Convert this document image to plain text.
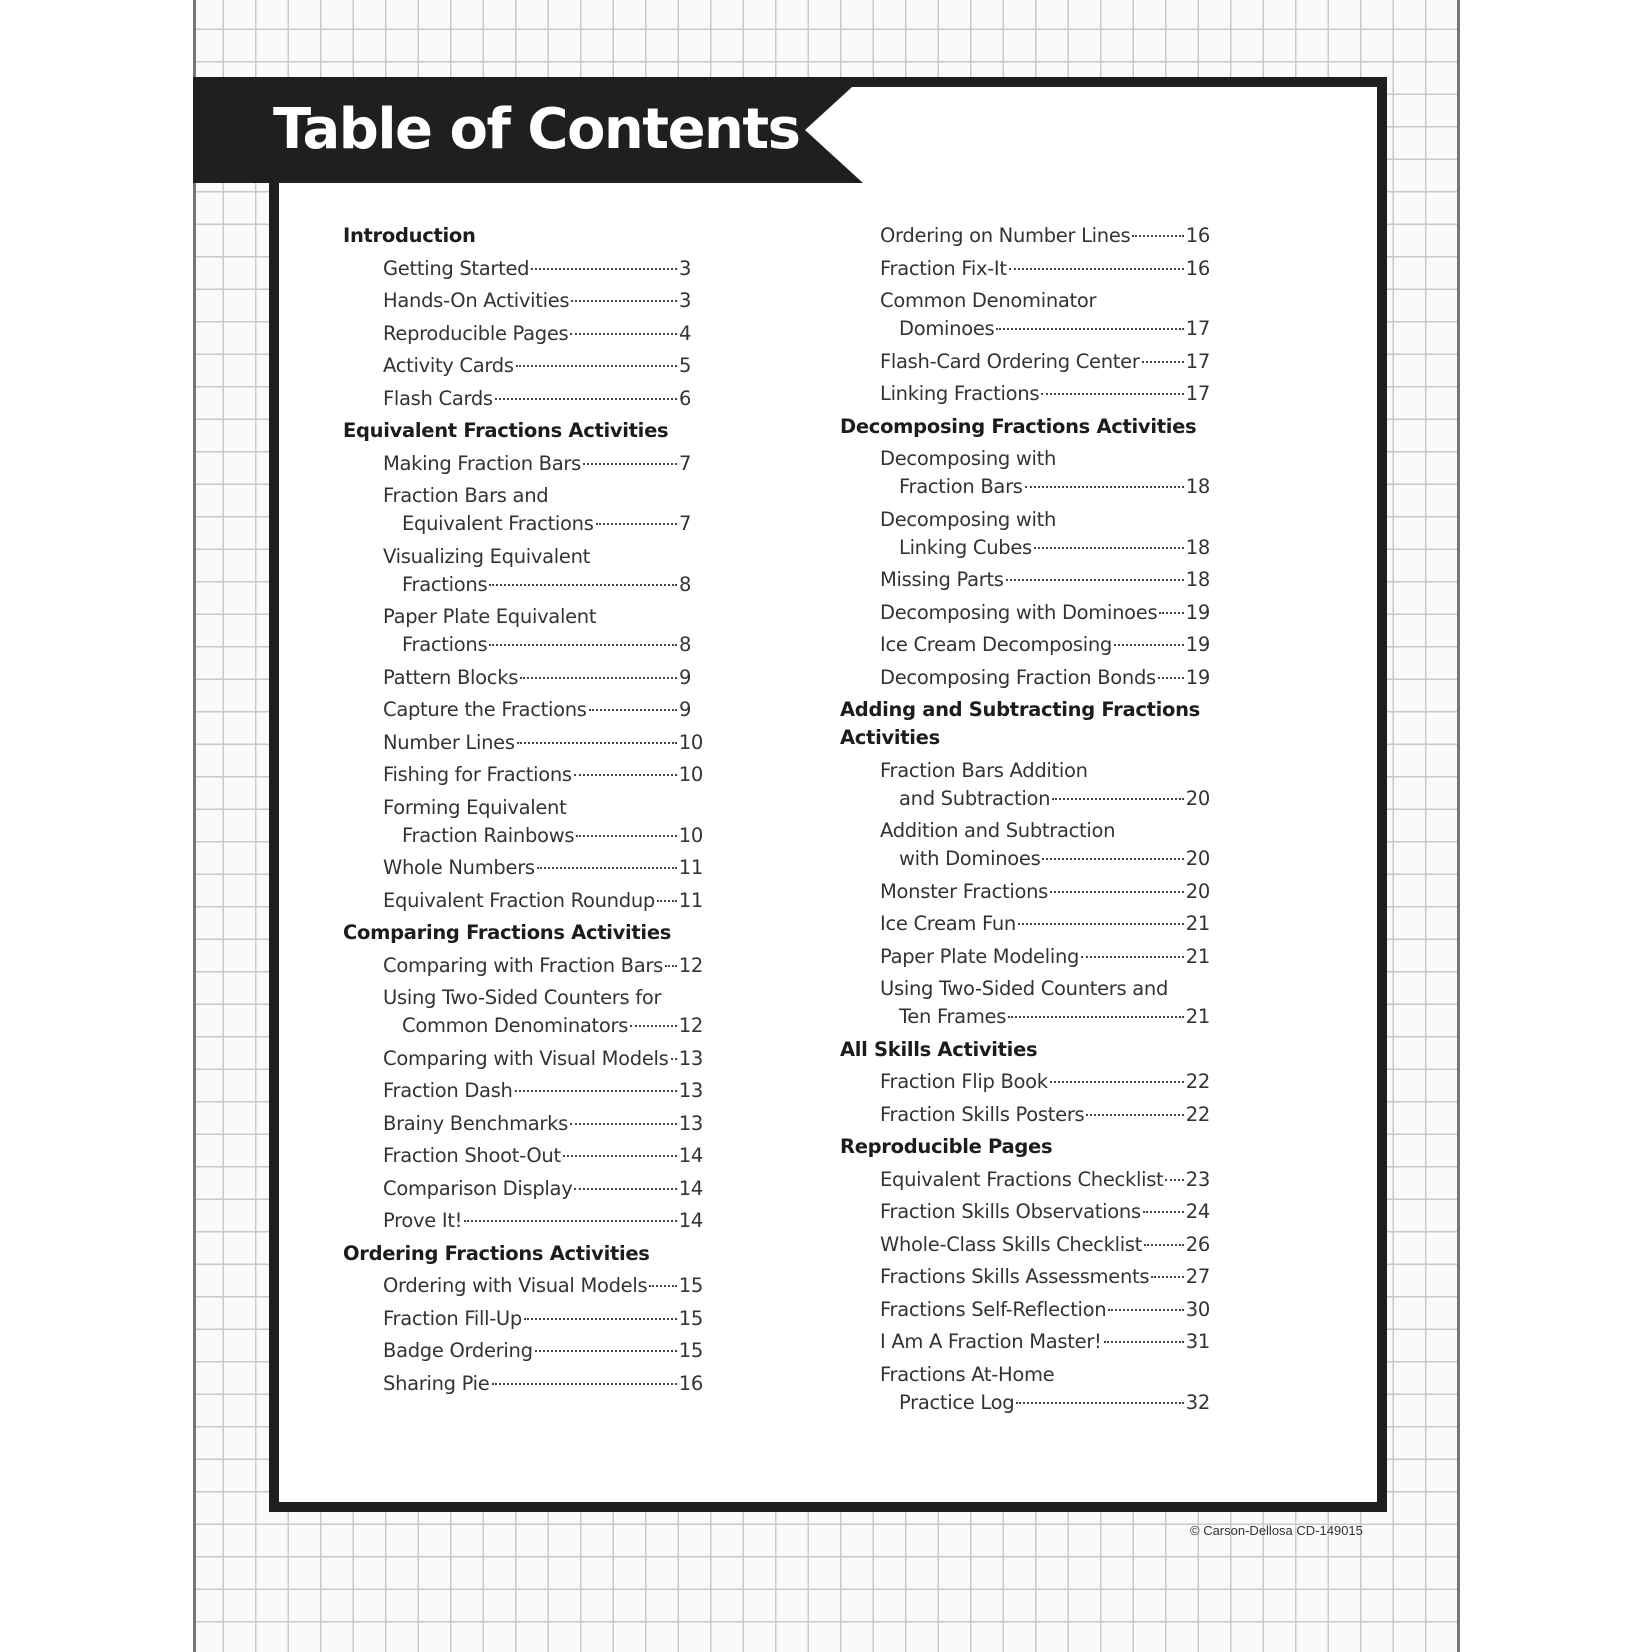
Table of Contents
Introduction
Getting Started	3
Hands-On Activities	3
Reproducible Pages	4
Activity Cards	5
Flash Cards	6
Equivalent Fractions Activities
Making Fraction Bars	7
Fraction Bars and
Equivalent Fractions	7
Visualizing Equivalent
Fractions	8
Paper Plate Equivalent
Fractions	8
Pattern Blocks	9
Capture the Fractions	9
Number Lines	10
Fishing for Fractions	10
Forming Equivalent
Fraction Rainbows	10
Whole Numbers	11
Equivalent Fraction Roundup 11
Comparing Fractions Activities
Comparing with Fraction Bars 12
Using Two-Sided Counters for
Common Denominators	12
Comparing with Visual Models 13
Fraction Dash	13
Brainy Benchmarks	13
Fraction Shoot-Out	14
Comparison Display	14
Prove It!	14
Ordering Fractions Activities
Ordering with Visual Models 15
Fraction Fill-Up	15
Badge Ordering	15
Sharing Pie	16
Ordering on Number Lines	16
Fraction Fix-It	16
Common Denominator
Dominoes	17
Flash-Card Ordering Center 17
Linking Fractions	17
Decomposing Fractions Activities
Decomposing with
Fraction Bars	18
Decomposing with
Linking Cubes	18
Missing Parts	18
Decomposing with Dominoes 19
Ice Cream Decomposing	19
Decomposing Fraction Bonds 19
Adding and Subtracting Fractions
Activities
Fraction Bars Addition
and Subtraction	20
Addition and Subtraction
with Dominoes	20
Monster Fractions	20
Ice Cream Fun	21
Paper Plate Modeling	21
Using Two-Sided Counters and
Ten Frames	21
All Skills Activities
Fraction Flip Book	22
Fraction Skills Posters	22
Reproducible Pages
Equivalent Fractions Checklist 23
Fraction Skills Observations 24
Whole-Class Skills Checklist 26
Fractions Skills Assessments 27
Fractions Self-Reflection	30
I Am A Fraction Master!	31
Fractions At-Home
Practice Log	32
© Carson-Dellosa CD-149015
